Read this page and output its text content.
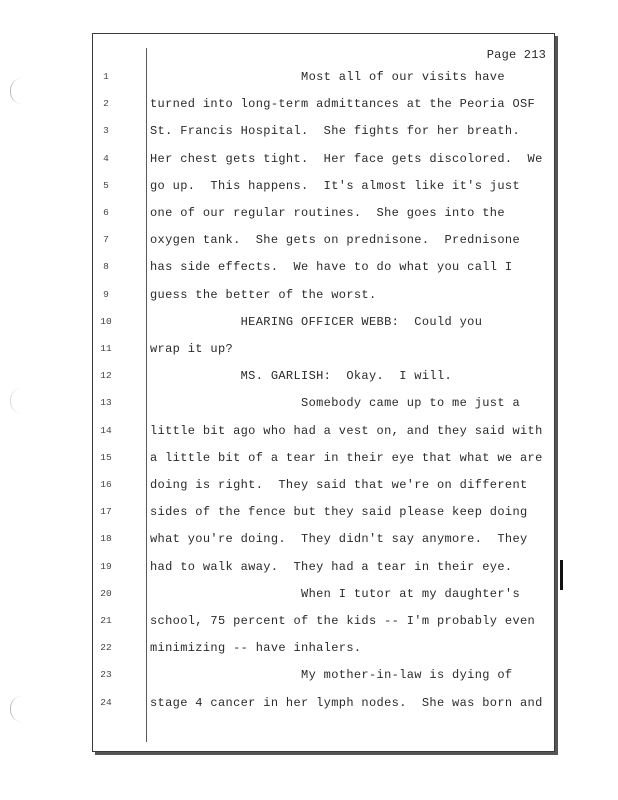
Page 213
1	Most all of our visits have
2	turned into long-term admittances at the Peoria OSF
3	St. Francis Hospital.  She fights for her breath.
4	Her chest gets tight.  Her face gets discolored.  We
5	go up.  This happens.  It's almost like it's just
6	one of our regular routines.  She goes into the
7	oxygen tank.  She gets on prednisone.  Prednisone
8	has side effects.  We have to do what you call I
9	guess the better of the worst.
10	HEARING OFFICER WEBB:  Could you
11	wrap it up?
12	MS. GARLISH:  Okay.  I will.
13	Somebody came up to me just a
14	little bit ago who had a vest on, and they said with
15	a little bit of a tear in their eye that what we are
16	doing is right.  They said that we're on different
17	sides of the fence but they said please keep doing
18	what you're doing.  They didn't say anymore.  They
19	had to walk away.  They had a tear in their eye.
20	When I tutor at my daughter's
21	school, 75 percent of the kids -- I'm probably even
22	minimizing -- have inhalers.
23	My mother-in-law is dying of
24	stage 4 cancer in her lymph nodes.  She was born and
